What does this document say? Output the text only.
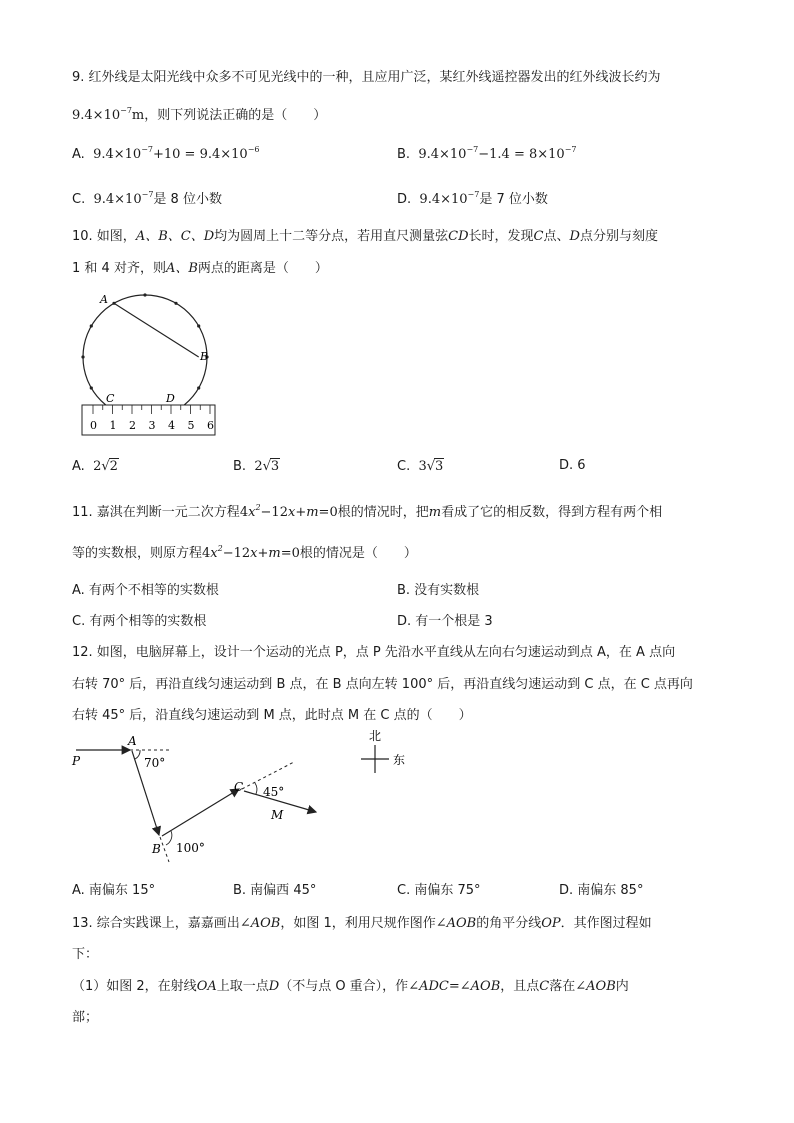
9. 红外线是太阳光线中众多不可见光线中的一种，且应用广泛，某红外线遥控器发出的红外线波长约为
$9.4\times 10^{-7}m$，则下列说法正确的是（　　）
A.  $9.4\times 10^{-7}+10 = 9.4\times 10^{-6}$	B.  $9.4\times 10^{-7}-1.4 = 8\times 10^{-7}$
C.  $9.4\times 10^{-7}$是 8 位小数	D.  $9.4\times 10^{-7}$是 7 位小数
10. 如图，A、B、C、D均为圆周上十二等分点，若用直尺测量弦CD长时，发现C点、D点分别与刻度
1 和 4 对齐，则A、B两点的距离是（　　）
A
B
C	D
0 1 2 3 4 5 6
A.  2√2	B.  2√3	C.  3√3	D. 6
11. 嘉淇在判断一元二次方程$4x^2-12x+m=0$根的情况时，把m看成了它的相反数，得到方程有两个相
等的实数根，则原方程$4x^2-12x+m=0$根的情况是（　　）
A. 有两个不相等的实数根	B. 没有实数根
C. 有两个相等的实数根	D. 有一个根是 3
12. 如图，电脑屏幕上，设计一个运动的光点 P，点 P 先沿水平直线从左向右匀速运动到点 A，在 A 点向
右转 70° 后，再沿直线匀速运动到 B 点，在 B 点向左转 100° 后，再沿直线匀速运动到 C 点，在 C 点再向
右转 45° 后，沿直线匀速运动到 M 点，此时点 M 在 C 点的（　　）
P
A
70°
B 100°
C 45°
M
北
东
A. 南偏东 15°	B. 南偏西 45°	C. 南偏东 75°	D. 南偏东 85°
13. 综合实践课上，嘉嘉画出∠AOB，如图 1，利用尺规作图作∠AOB的角平分线OP．其作图过程如
下：
（1）如图 2，在射线OA上取一点D（不与点 O 重合），作∠ADC=∠AOB，且点C落在∠AOB内
部；
